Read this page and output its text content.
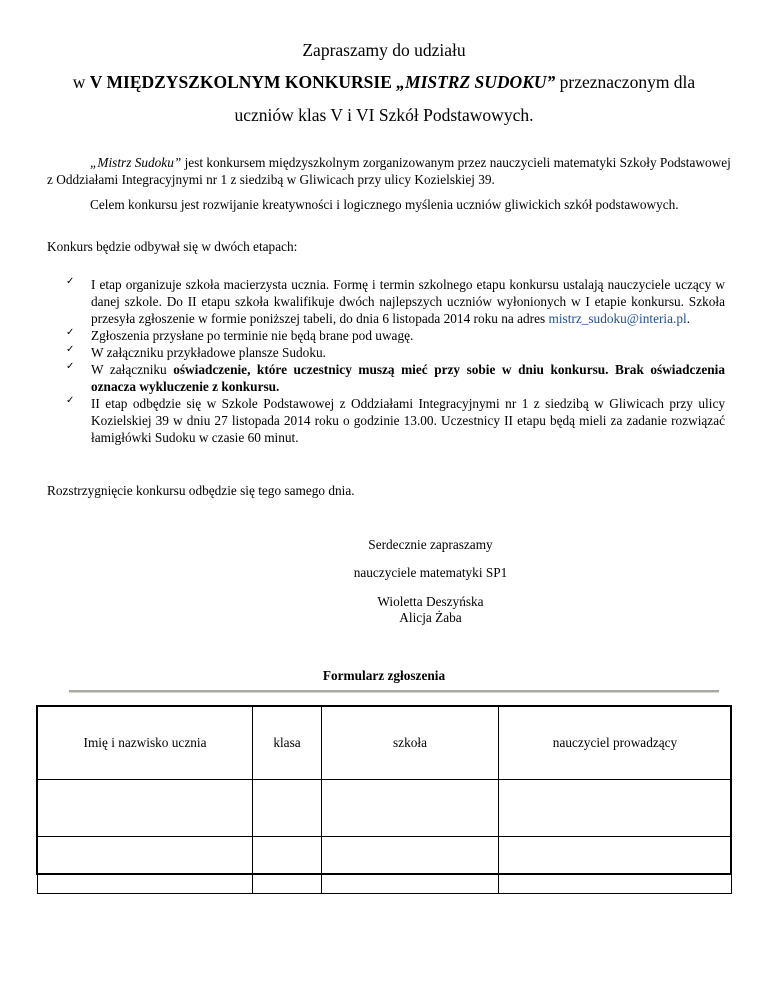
Zapraszamy do udziału
w V MIĘDZYSZKOLNYM KONKURSIE „MISTRZ SUDOKU” przeznaczonym dla
uczniów klas V i VI Szkół Podstawowych.
„Mistrz Sudoku” jest konkursem międzyszkolnym zorganizowanym przez nauczycieli matematyki Szkoły Podstawowej z Oddziałami Integracyjnymi nr 1 z siedzibą w Gliwicach przy ulicy Kozielskiej 39.
Celem konkursu jest rozwijanie kreatywności i logicznego myślenia uczniów gliwickich szkół podstawowych.
Konkurs będzie odbywał się w dwóch etapach:
✓ I etap organizuje szkoła macierzysta ucznia. Formę i termin szkolnego etapu konkursu ustalają nauczyciele uczący w danej szkole. Do II etapu szkoła kwalifikuje dwóch najlepszych uczniów wyłonionych w I etapie konkursu. Szkoła przesyła zgłoszenie w formie poniższej tabeli, do dnia 6 listopada 2014 roku na adres mistrz_sudoku@interia.pl.
✓ Zgłoszenia przysłane po terminie nie będą brane pod uwagę.
✓ W załączniku przykładowe plansze Sudoku.
✓ W załączniku oświadczenie, które uczestnicy muszą mieć przy sobie w dniu konkursu. Brak oświadczenia oznacza wykluczenie z konkursu.
✓ II etap odbędzie się w Szkole Podstawowej z Oddziałami Integracyjnymi nr 1 z siedzibą w Gliwicach przy ulicy Kozielskiej 39 w dniu 27 listopada 2014 roku o godzinie 13.00. Uczestnicy II etapu będą mieli za zadanie rozwiązać łamigłówki Sudoku w czasie 60 minut.
Rozstrzygnięcie konkursu odbędzie się tego samego dnia.
Serdecznie zapraszamy
nauczyciele matematyki SP1
Wioletta Deszyńska
Alicja Żaba
Formularz zgłoszenia
Imię i nazwisko ucznia	klasa	szkoła	nauczyciel prowadzący
